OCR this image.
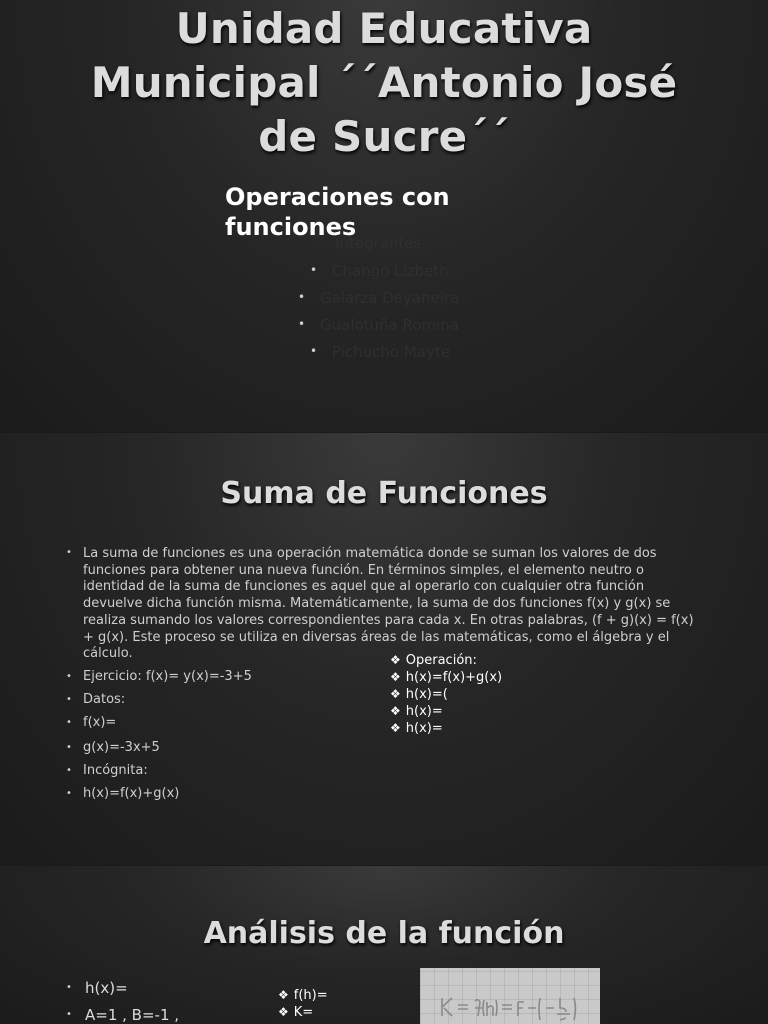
Unidad Educativa
Municipal ´´Antonio José
de Sucre´´
Operaciones con
funciones
Integrantes:
• Chango Lizbeth
• Galarza Deyaneira
• Gualotuña Romina
• Pichucho Mayte
Suma de Funciones
• La suma de funciones es una operación matemática donde se suman los valores de dos funciones para obtener una nueva función. En términos simples, el elemento neutro o identidad de la suma de funciones es aquel que al operarlo con cualquier otra función devuelve dicha función misma. Matemáticamente, la suma de dos funciones f(x) y g(x) se realiza sumando los valores correspondientes para cada x. En otras palabras, (f + g)(x) = f(x) + g(x). Este proceso se utiliza en diversas áreas de las matemáticas, como el álgebra y el cálculo.

• Ejercicio: f(x)= y(x)=-3+5
• Datos:
• f(x)=
• g(x)=-3x+5
• Incógnita:
• h(x)=f(x)+g(x)
❖ Operación:
❖ h(x)=f(x)+g(x)
❖ h(x)=(
❖ h(x)=
❖ h(x)=
Análisis de la función
• h(x)=
• A=1 , B=-1 ,
❖ f(h)=
❖ K=
